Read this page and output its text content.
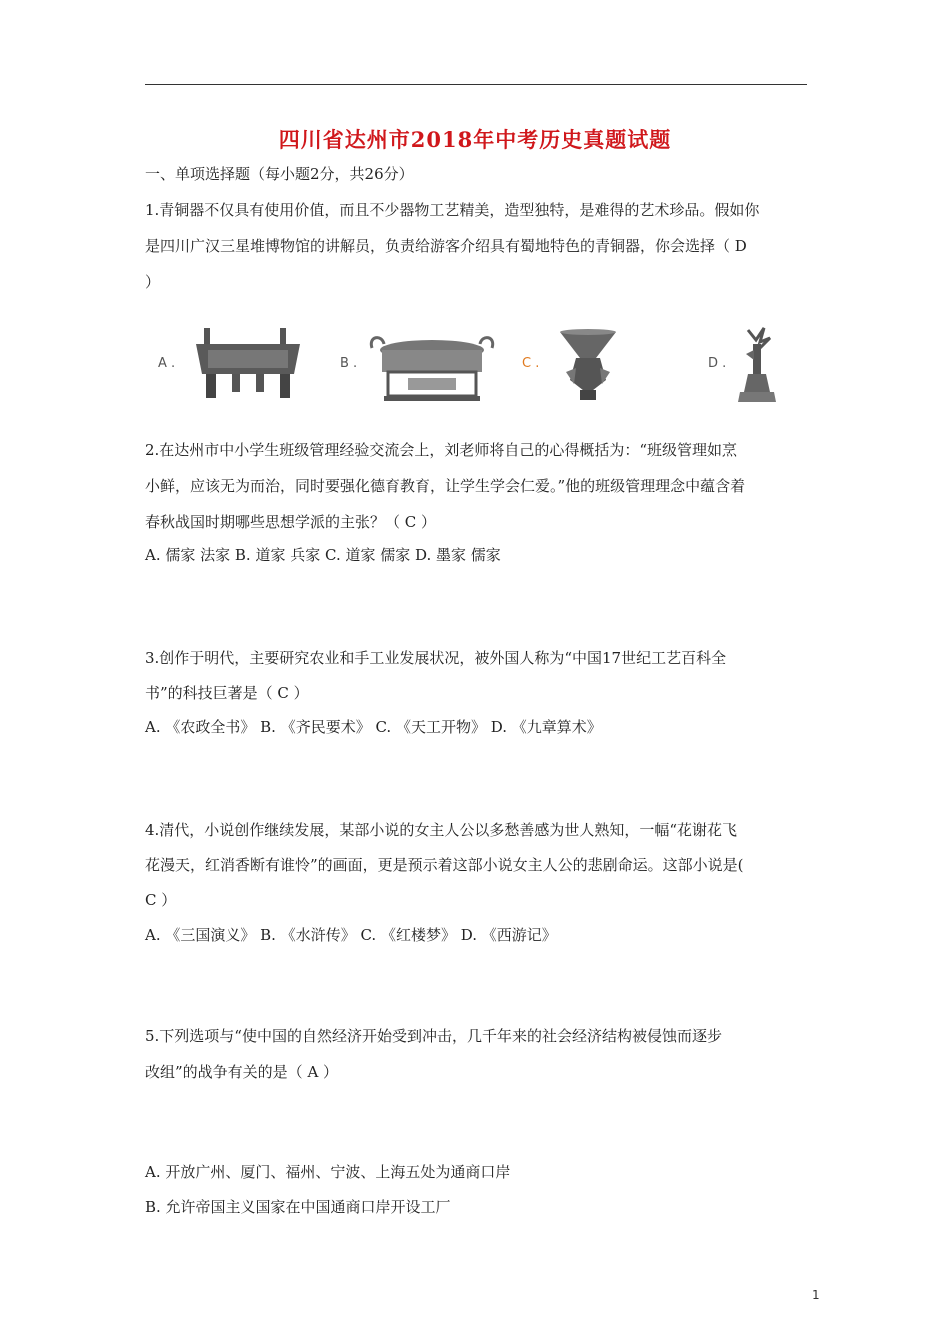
四川省达州市2018年中考历史真题试题
一、单项选择题（每小题2分，共26分）
1.青铜器不仅具有使用价值，而且不少器物工艺精美，造型独特，是难得的艺术珍品。假如你
是四川广汉三星堆博物馆的讲解员，负责给游客介绍具有蜀地特色的青铜器，你会选择（ D
）
A .	B .	C .	D .
2.在达州市中小学生班级管理经验交流会上，刘老师将自己的心得概括为：“班级管理如烹
小鲜，应该无为而治，同时要强化德育教育，让学生学会仁爱。”他的班级管理理念中蕴含着
春秋战国时期哪些思想学派的主张？（ C ）
A. 儒家 法家 B. 道家 兵家 C. 道家 儒家 D. 墨家 儒家
3.创作于明代，主要研究农业和手工业发展状况，被外国人称为“中国17世纪工艺百科全
书”的科技巨著是（ C ）
A. 《农政全书》 B. 《齐民要术》 C. 《天工开物》 D. 《九章算术》
4.清代，小说创作继续发展，某部小说的女主人公以多愁善感为世人熟知，一幅“花谢花飞
花漫天，红消香断有谁怜”的画面，更是预示着这部小说女主人公的悲剧命运。这部小说是(
C ）
A. 《三国演义》 B. 《水浒传》 C. 《红楼梦》 D. 《西游记》
5.下列选项与“使中国的自然经济开始受到冲击，几千年来的社会经济结构被侵蚀而逐步
改组”的战争有关的是（ A ）
A. 开放广州、厦门、福州、宁波、上海五处为通商口岸
B. 允许帝国主义国家在中国通商口岸开设工厂
1
